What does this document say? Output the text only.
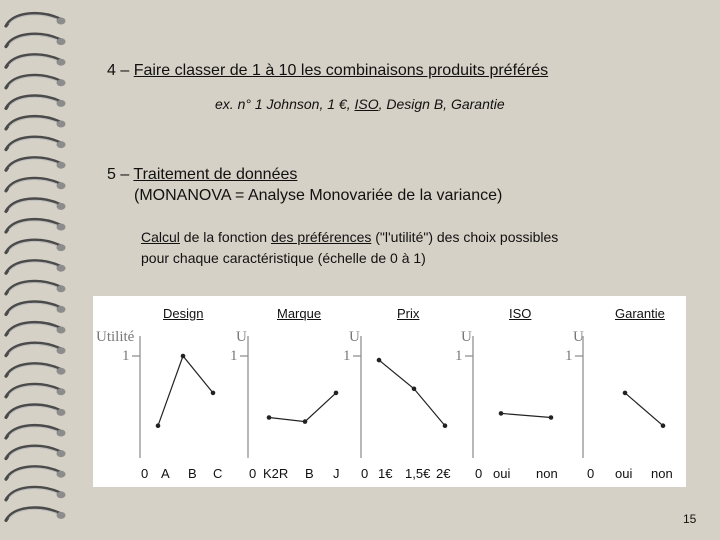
4 – Faire classer de 1 à 10 les combinaisons produits préférés
ex. n° 1 Johnson, 1 €, ISO, Design B, Garantie
5 – Traitement de données
(MONANOVA = Analyse Monovariée de la variance)
Calcul de la fonction des préférences ("l'utilité") des choix possibles
pour chaque caractéristique (échelle de 0 à 1)
Utilité
1
U
1
U
1
U
1
U
1
Design
0 A B C
Marque
0 K2R B J
Prix
0 1€ 1,5€ 2€
ISO
0 oui non
Garantie
0 oui non
15
